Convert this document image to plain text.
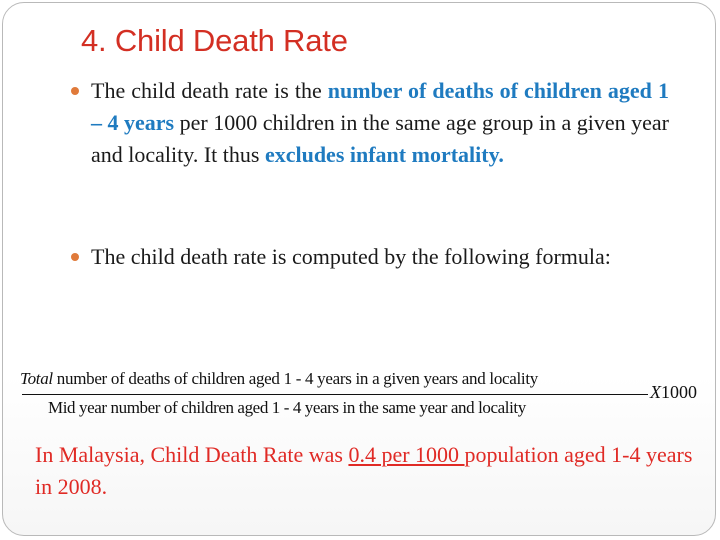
4. Child Death Rate
The child death rate is the number of deaths of children aged 1 – 4 years per 1000 children in the same age group in a given year and locality. It thus excludes infant mortality.
The child death rate is computed by the following formula:
Total number of deaths of children aged 1 - 4 years in a given years and locality
Mid year number of children aged 1 - 4 years in the same year and locality
X1000
In Malaysia, Child Death Rate was 0.4 per 1000 population aged 1-4 years in 2008.
